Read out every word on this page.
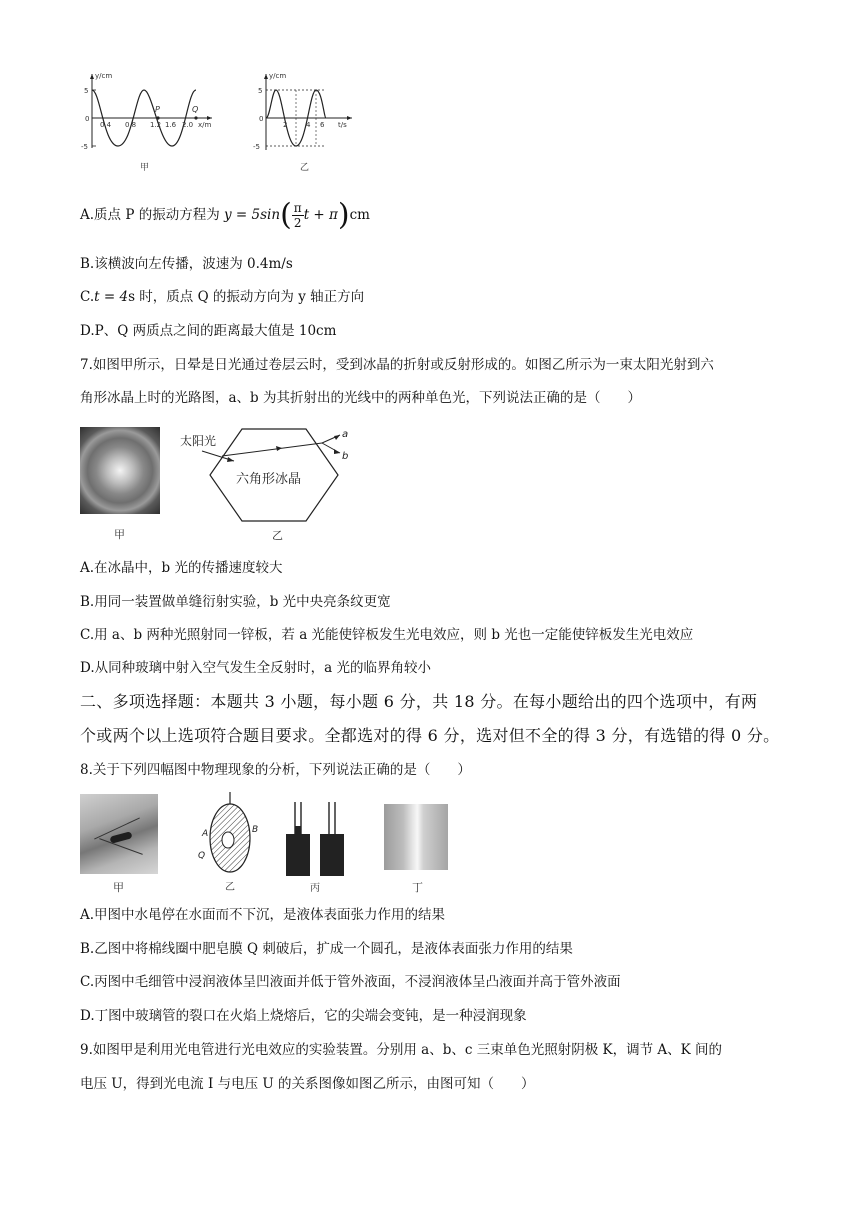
y/cm
x/m
5
0
-5
0.4 0.8 1.2 1.6 2.0
P	Q
甲
y/cm
t/s
5
0
-5
2	4 6
乙
A.质点 P 的振动方程为 $y = 5\sin( \frac{\pi}{2}$ t + π)cm
B.该横波向左传播，波速为 0.4m/s
C.t = 4s 时，质点 Q 的振动方向为 y 轴正方向
D.P、Q 两质点之间的距离最大值是 10cm
7.如图甲所示，日晕是日光通过卷层云时，受到冰晶的折射或反射形成的。如图乙所示为一束太阳光射到六
角形冰晶上时的光路图，a、b 为其折射出的光线中的两种单色光，下列说法正确的是（　　）
甲
太阳光
六角形冰晶
a
b
乙
A.在冰晶中，b 光的传播速度较大
B.用同一装置做单缝衍射实验，b 光中央亮条纹更宽
C.用 a、b 两种光照射同一锌板，若 a 光能使锌板发生光电效应，则 b 光也一定能使锌板发生光电效应
D.从同种玻璃中射入空气发生全反射时，a 光的临界角较小
二、多项选择题：本题共 3 小题，每小题 6 分，共 18 分。在每小题给出的四个选项中，有两
个或两个以上选项符合题目要求。全都选对的得 6 分，选对但不全的得 3 分，有选错的得 0 分。
8.关于下列四幅图中物理现象的分析，下列说法正确的是（　　）
甲
A	B
Q
乙	丙	丁
A.甲图中水黾停在水面而不下沉，是液体表面张力作用的结果
B.乙图中将棉线圈中肥皂膜 Q 刺破后，扩成一个圆孔，是液体表面张力作用的结果
C.丙图中毛细管中浸润液体呈凹液面并低于管外液面，不浸润液体呈凸液面并高于管外液面
D.丁图中玻璃管的裂口在火焰上烧熔后，它的尖端会变钝，是一种浸润现象
9.如图甲是利用光电管进行光电效应的实验装置。分别用 a、b、c 三束单色光照射阴极 K，调节 A、K 间的
电压 U，得到光电流 I 与电压 U 的关系图像如图乙所示，由图可知（　　）
